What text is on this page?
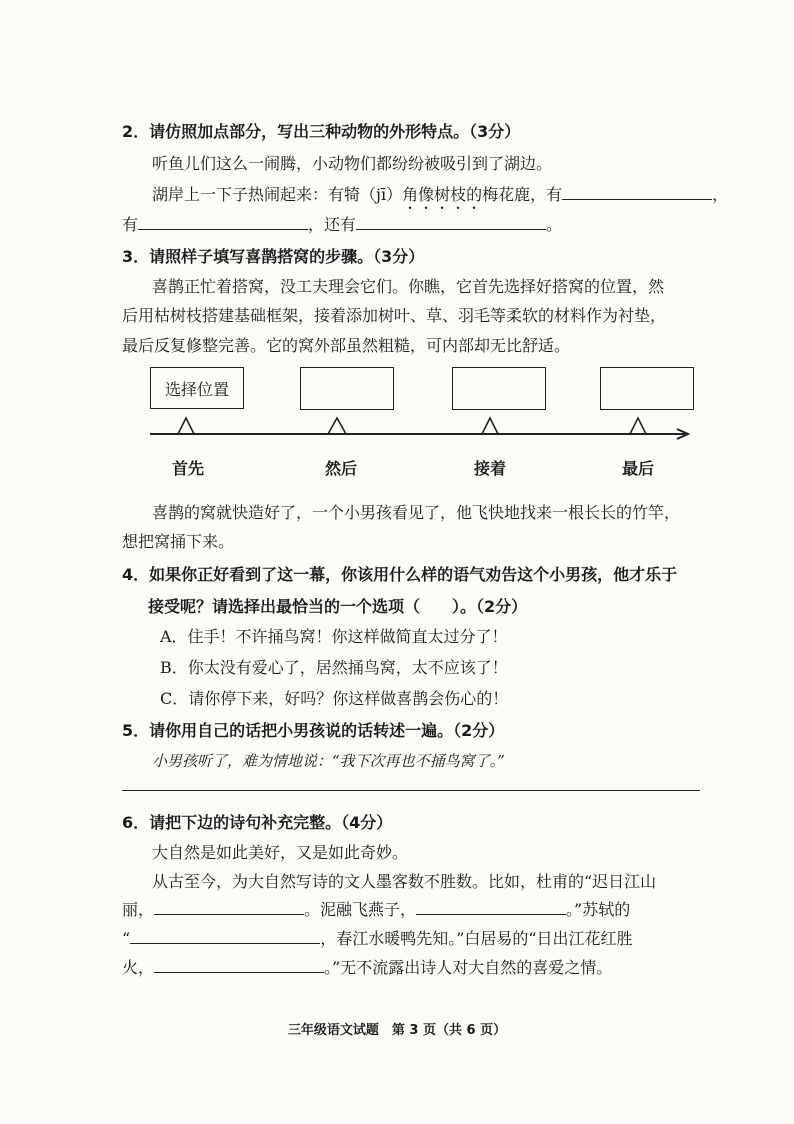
2．请仿照加点部分，写出三种动物的外形特点。（3分）
听鱼儿们这么一闹腾，小动物们都纷纷被吸引到了湖边。
湖岸上一下子热闹起来：有犄（jī）角像树枝的梅花鹿，有	，
有	，还有	。
3．请照样子填写喜鹊搭窝的步骤。（3分）
喜鹊正忙着搭窝，没工夫理会它们。你瞧，它首先选择好搭窝的位置，然
后用枯树枝搭建基础框架，接着添加树叶、草、羽毛等柔软的材料作为衬垫，
最后反复修整完善。它的窝外部虽然粗糙，可内部却无比舒适。
选择位置
首先	然后	接着	最后
喜鹊的窝就快造好了，一个小男孩看见了，他飞快地找来一根长长的竹竿，
想把窝捅下来。
4．如果你正好看到了这一幕，你该用什么样的语气劝告这个小男孩，他才乐于
接受呢？请选择出最恰当的一个选项（　　）。（2分）
A．住手！不许捅鸟窝！你这样做简直太过分了！
B．你太没有爱心了，居然捅鸟窝，太不应该了！
C．请你停下来，好吗？你这样做喜鹊会伤心的！
5．请你用自己的话把小男孩说的话转述一遍。（2分）
小男孩听了，难为情地说：“我下次再也不捅鸟窝了。”
6．请把下边的诗句补充完整。（4分）
大自然是如此美好，又是如此奇妙。
从古至今，为大自然写诗的文人墨客数不胜数。比如，杜甫的“迟日江山
丽，	。泥融飞燕子，	。”苏轼的
“	，春江水暖鸭先知。”白居易的“日出江花红胜
火，	。”无不流露出诗人对大自然的喜爱之情。
三年级语文试题　第 3 页（共 6 页）
